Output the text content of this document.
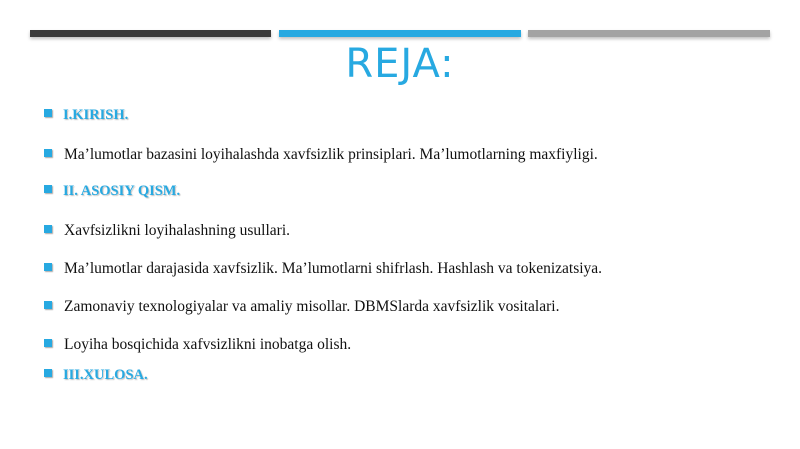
REJA:
I.KIRISH.
Ma’lumotlar bazasini loyihalashda xavfsizlik prinsiplari. Ma’lumotlarning maxfiyligi.
II. ASOSIY QISM.
Xavfsizlikni loyihalashning usullari.
Ma’lumotlar darajasida xavfsizlik. Ma’lumotlarni shifrlash. Hashlash va tokenizatsiya.
Zamonaviy texnologiyalar va amaliy misollar. DBMSlarda xavfsizlik vositalari.
Loyiha bosqichida xafvsizlikni inobatga olish.
III.XULOSA.
